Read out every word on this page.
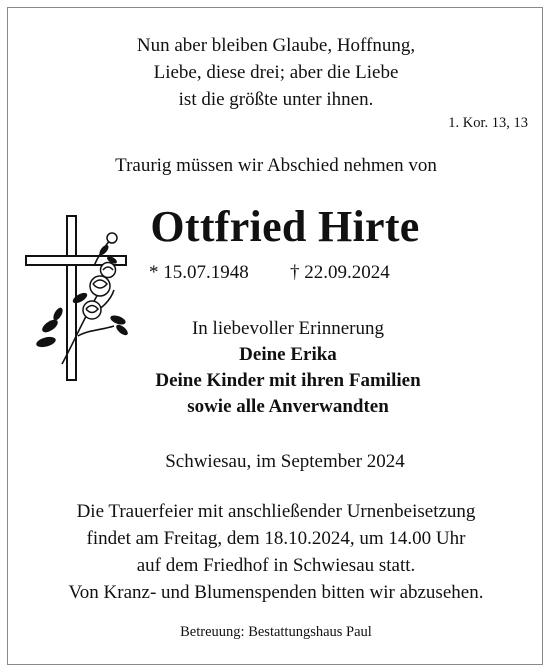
Nun aber bleiben Glaube, Hoffnung,
Liebe, diese drei; aber die Liebe
ist die größte unter ihnen.
1. Kor. 13, 13
Traurig müssen wir Abschied nehmen von
Ottfried Hirte
* 15.07.1948 † 22.09.2024
In liebevoller Erinnerung
Deine Erika
Deine Kinder mit ihren Familien
sowie alle Anverwandten
Schwiesau, im September 2024
Die Trauerfeier mit anschließender Urnenbeisetzung
findet am Freitag, dem 18.10.2024, um 14.00 Uhr
auf dem Friedhof in Schwiesau statt.
Von Kranz- und Blumenspenden bitten wir abzusehen.
Betreuung: Bestattungshaus Paul
